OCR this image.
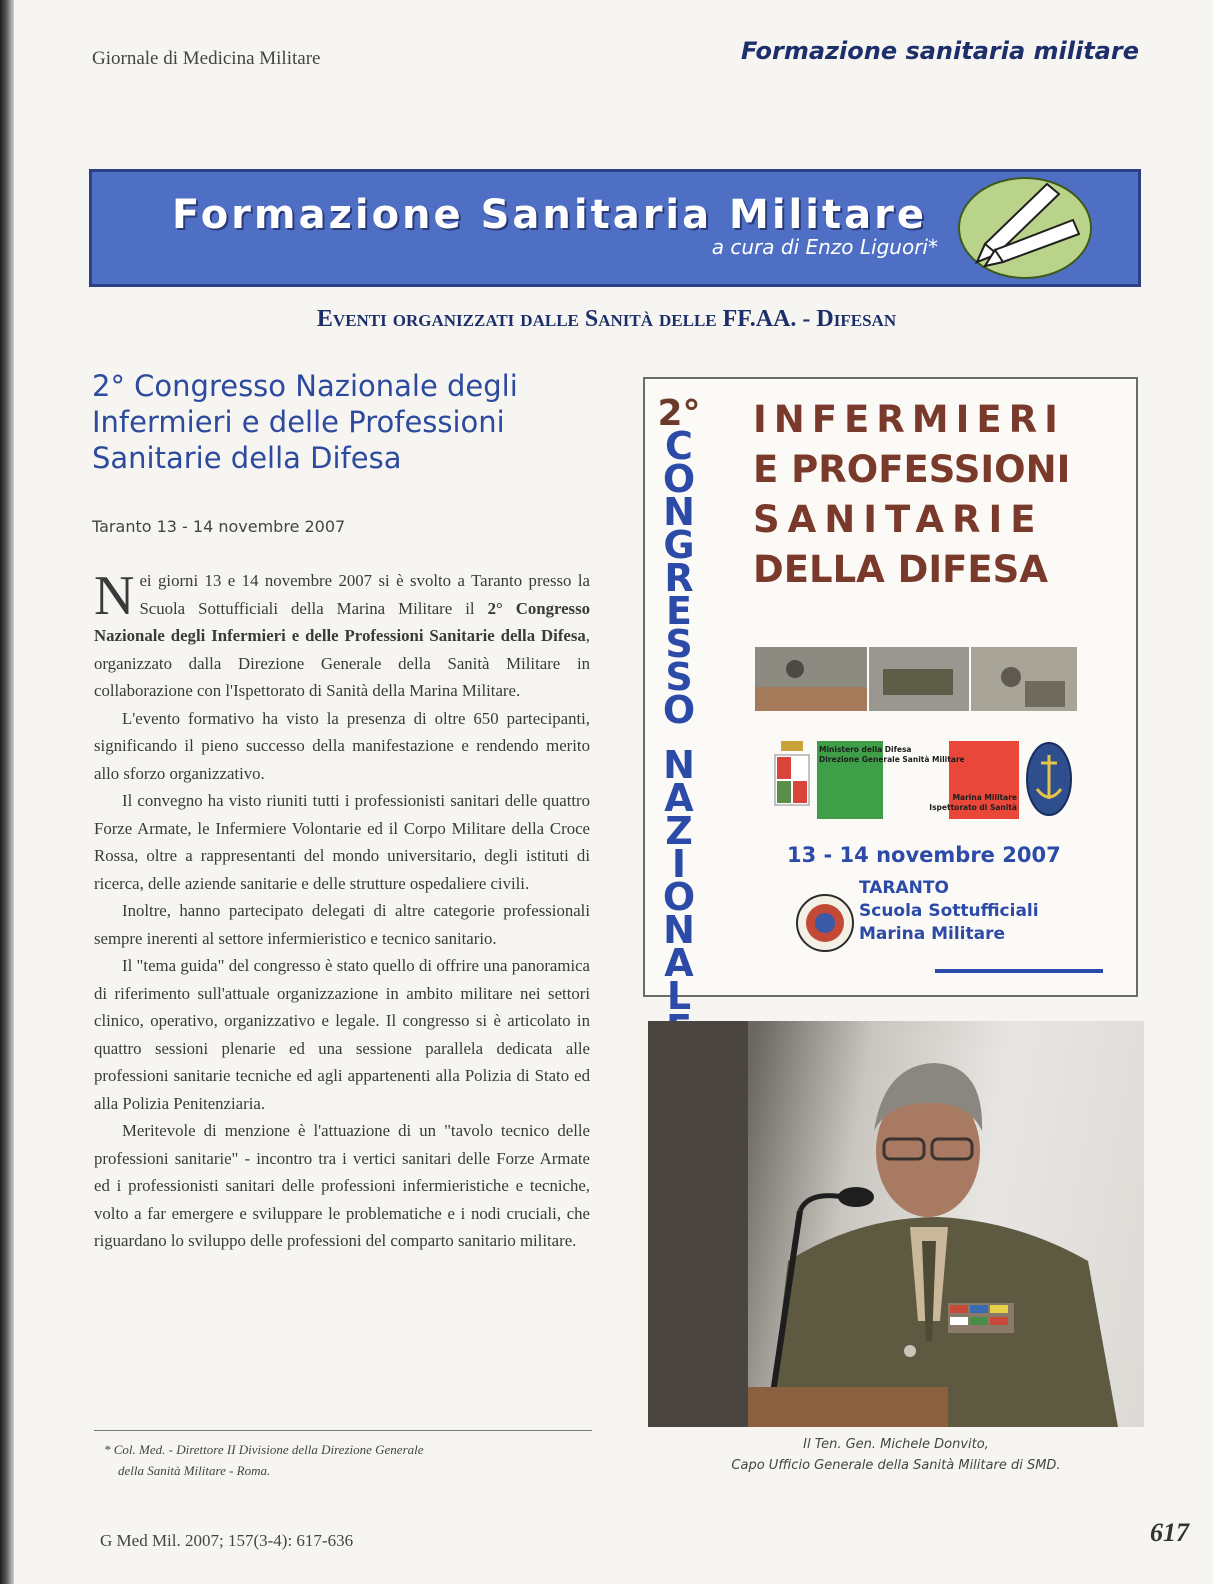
Giornale di Medicina Militare	Formazione sanitaria militare
Formazione Sanitaria Militare
a cura di Enzo Liguori*
Eventi organizzati dalle Sanità delle FF.AA. - Difesan
2° Congresso Nazionale degli Infermieri e delle Professioni Sanitarie della Difesa
Taranto 13 - 14 novembre 2007

Nei giorni 13 e 14 novembre 2007 si è svolto a Taranto presso la Scuola Sottufficiali della Marina Militare il 2° Congresso Nazionale degli Infermieri e delle Professioni Sanitarie della Difesa, organizzato dalla Direzione Generale della Sanità Militare in collaborazione con l'Ispettorato di Sanità della Marina Militare.

L'evento formativo ha visto la presenza di oltre 650 partecipanti, significando il pieno successo della manifestazione e rendendo merito allo sforzo organizzativo.

Il convegno ha visto riuniti tutti i professionisti sanitari delle quattro Forze Armate, le Infermiere Volontarie ed il Corpo Militare della Croce Rossa, oltre a rappresentanti del mondo universitario, degli istituti di ricerca, delle aziende sanitarie e delle strutture ospedaliere civili.

Inoltre, hanno partecipato delegati di altre categorie professionali sempre inerenti al settore infermieristico e tecnico sanitario.

Il "tema guida" del congresso è stato quello di offrire una panoramica di riferimento sull'attuale organizzazione in ambito militare nei settori clinico, operativo, organizzativo e legale. Il congresso si è articolato in quattro sessioni plenarie ed una sessione parallela dedicata alle professioni sanitarie tecniche ed agli appartenenti alla Polizia di Stato ed alla Polizia Penitenziaria.

Meritevole di menzione è l'attuazione di un "tavolo tecnico delle professioni sanitarie" - incontro tra i vertici sanitari delle Forze Armate ed i professionisti sanitari delle professioni infermieristiche e tecniche, volto a far emergere e sviluppare le problematiche e i nodi cruciali, che riguardano lo sviluppo delle professioni del comparto sanitario militare.

* Col. Med. - Direttore II Divisione della Direzione Generale
della Sanità Militare - Roma.
2°
C
O
N
G
R
E
S
S
O
N
A
Z
I
O
N
A
L
INFERMIERI
E PROFESSIONI
SANITARIE
DELLA DIFESA
Ministero della Difesa
Direzione Generale Sanità Militare
Marina Militare
Ispettorato di Sanità
13 - 14 novembre 2007
TARANTO
Scuola Sottufficiali
Marina Militare
Il Ten. Gen. Michele Donvito,
Capo Ufficio Generale della Sanità Militare di SMD.
G Med Mil. 2007; 157(3-4): 617-636	617
